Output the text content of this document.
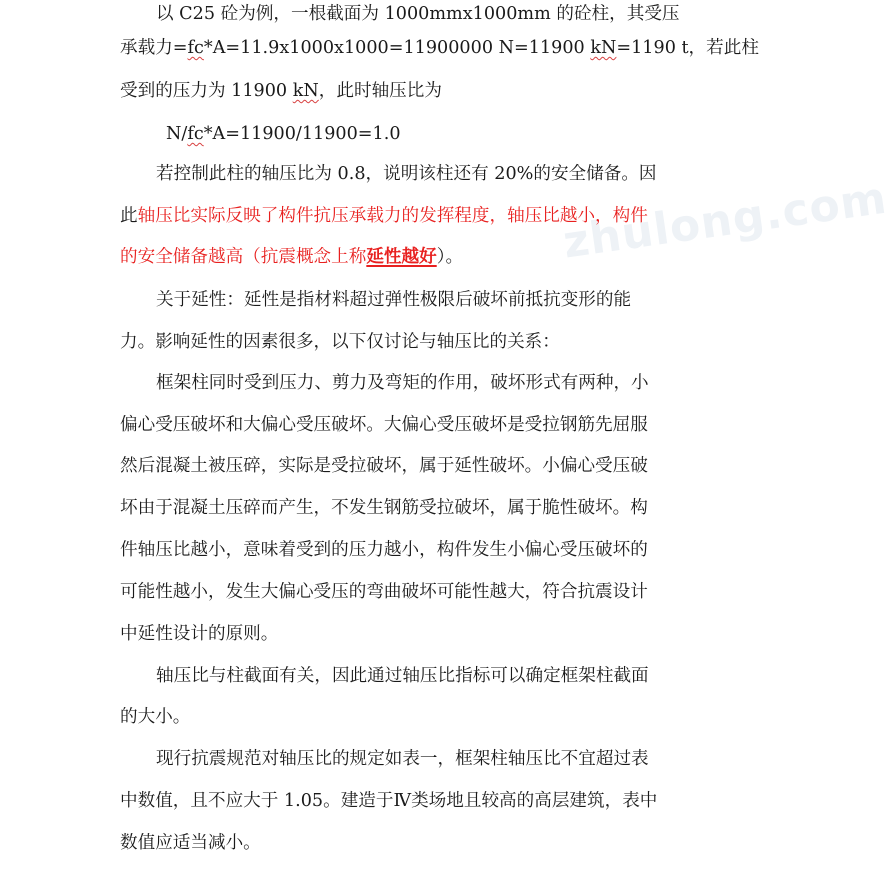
zhulong.com
以 C25 砼为例，一根截面为 1000mmx1000mm 的砼柱，其受压
承载力=fc*A=11.9x1000x1000=11900000 N=11900 kN=1190 t，若此柱
受到的压力为 11900 kN，此时轴压比为
N/fc*A=11900/11900=1.0
若控制此柱的轴压比为 0.8，说明该柱还有 20%的安全储备。因
此轴压比实际反映了构件抗压承载力的发挥程度，轴压比越小，构件
的安全储备越高（抗震概念上称延性越好）。
关于延性：延性是指材料超过弹性极限后破坏前抵抗变形的能
力。影响延性的因素很多，以下仅讨论与轴压比的关系：
框架柱同时受到压力、剪力及弯矩的作用，破坏形式有两种，小
偏心受压破坏和大偏心受压破坏。大偏心受压破坏是受拉钢筋先屈服
然后混凝土被压碎，实际是受拉破坏，属于延性破坏。小偏心受压破
坏由于混凝土压碎而产生，不发生钢筋受拉破坏，属于脆性破坏。构
件轴压比越小，意味着受到的压力越小，构件发生小偏心受压破坏的
可能性越小，发生大偏心受压的弯曲破坏可能性越大，符合抗震设计
中延性设计的原则。
轴压比与柱截面有关，因此通过轴压比指标可以确定框架柱截面
的大小。
现行抗震规范对轴压比的规定如表一，框架柱轴压比不宜超过表
中数值，且不应大于 1.05。建造于Ⅳ类场地且较高的高层建筑，表中
数值应适当减小。
